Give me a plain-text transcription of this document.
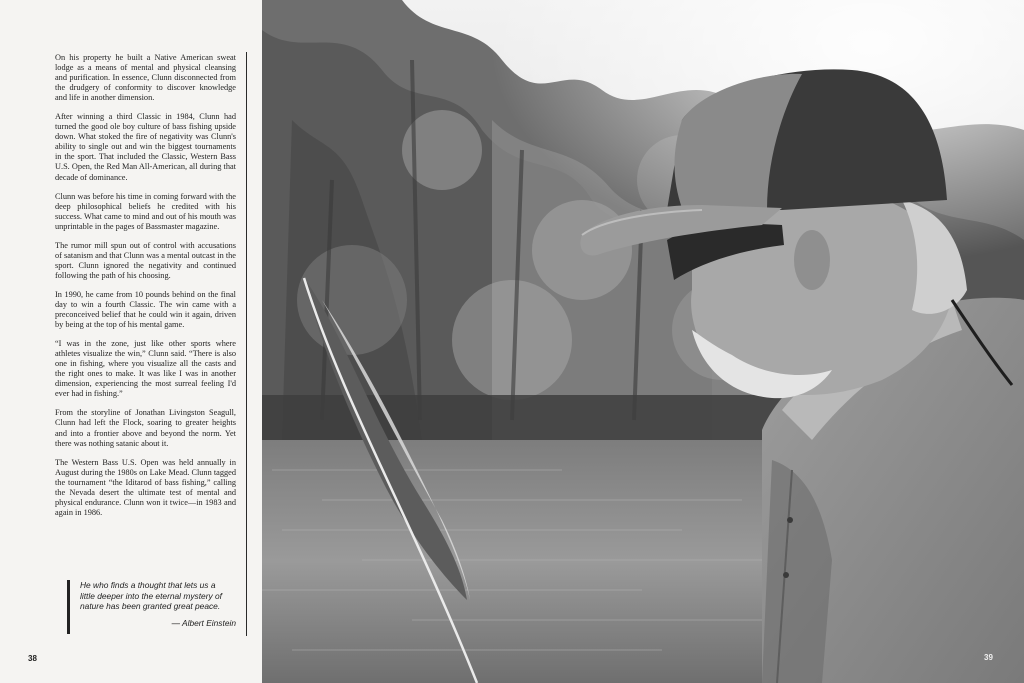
On his property he built a Native American sweat lodge as a means of mental and physical cleansing and purification. In essence, Clunn disconnected from the drudgery of conformity to discover knowledge and life in another dimension.

After winning a third Classic in 1984, Clunn had turned the good ole boy culture of bass fishing upside down. What stoked the fire of negativity was Clunn's ability to single out and win the biggest tournaments in the sport. That included the Classic, Western Bass U.S. Open, the Red Man All-American, all during that decade of dominance.

Clunn was before his time in coming forward with the deep philosophical beliefs he credited with his success. What came to mind and out of his mouth was unprintable in the pages of Bassmaster magazine.

The rumor mill spun out of control with accusations of satanism and that Clunn was a mental outcast in the sport. Clunn ignored the negativity and continued following the path of his choosing.

In 1990, he came from 10 pounds behind on the final day to win a fourth Classic. The win came with a preconceived belief that he could win it again, driven by being at the top of his mental game.

“I was in the zone, just like other sports where athletes visualize the win,” Clunn said. “There is also one in fishing, where you visualize all the casts and the right ones to make. It was like I was in another dimension, experiencing the most surreal feeling I'd ever had in fishing.”

From the storyline of Jonathan Livingston Seagull, Clunn had left the Flock, soaring to greater heights and into a frontier above and beyond the norm. Yet there was nothing satanic about it.

The Western Bass U.S. Open was held annually in August during the 1980s on Lake Mead. Clunn tagged the tournament “the Iditarod of bass fishing,” calling the Nevada desert the ultimate test of mental and physical endurance. Clunn won it twice—in 1983 and again in 1986.

He who finds a thought that lets us a little deeper into the eternal mystery of nature has been granted great peace.
— Albert Einstein
38	39
